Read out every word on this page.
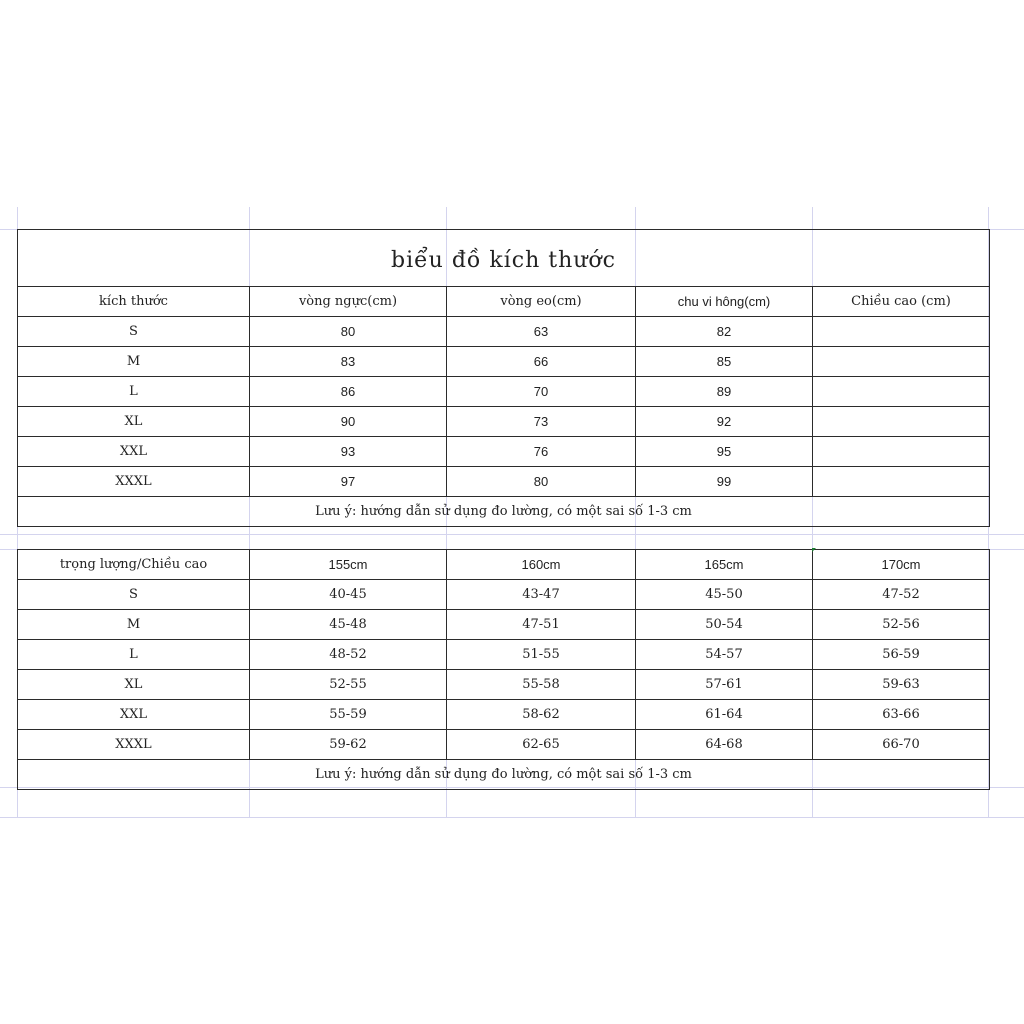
biểu đồ kích thước				
kích thước	vòng ngực(cm)	vòng eo(cm)	chu vi hông(cm)	Chiều cao (cm)
S	80	63	82	
M	83	66	85	
L	86	70	89	
XL	90	73	92	
XXL	93	76	95	
XXXL	97	80	99	
Lưu ý: hướng dẫn sử dụng đo lường, có một sai số 1-3 cm				
trọng lượng/Chiều cao	155cm	160cm	165cm	170cm
S	40-45	43-47	45-50	47-52
M	45-48	47-51	50-54	52-56
L	48-52	51-55	54-57	56-59
XL	52-55	55-58	57-61	59-63
XXL	55-59	58-62	61-64	63-66
XXXL	59-62	62-65	64-68	66-70
Lưu ý: hướng dẫn sử dụng đo lường, có một sai số 1-3 cm				
